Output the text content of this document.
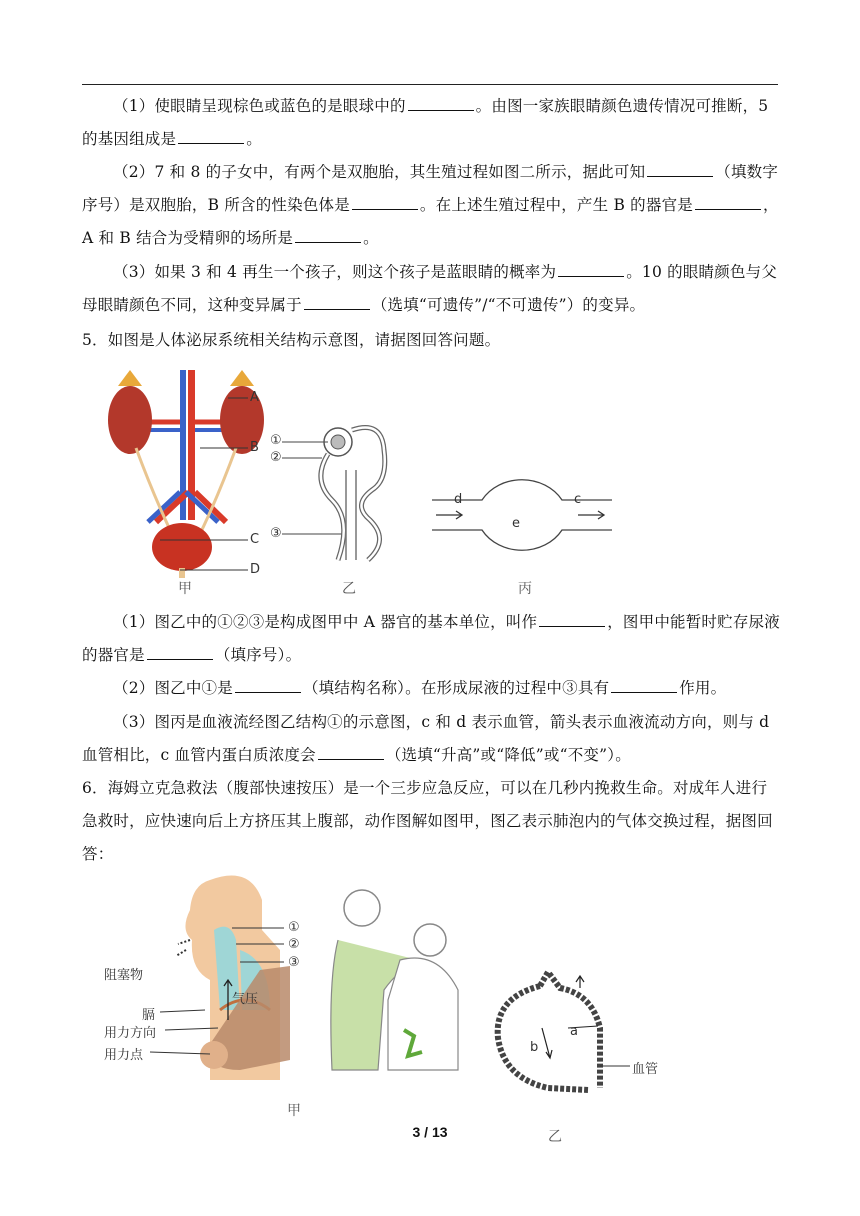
（1）使眼睛呈现棕色或蓝色的是眼球中的	。由图一家族眼睛颜色遗传情况可推断，5 的基因组成是	。
（2）7 和 8 的子女中，有两个是双胞胎，其生殖过程如图二所示，据此可知	（填数字序号）是双胞胎，B 所含的性染色体是	。在上述生殖过程中，产生 B 的器官是	，A 和 B 结合为受精卵的场所是	。
（3）如果 3 和 4 再生一个孩子，则这个孩子是蓝眼睛的概率为	。10 的眼睛颜色与父母眼睛颜色不同，这种变异属于	（选填“可遗传”/“不可遗传”）的变异。
5．如图是人体泌尿系统相关结构示意图，请据图回答问题。
A
B
C
D
甲
①
②
③
乙
d	c
e
丙
（1）图乙中的①②③是构成图甲中 A 器官的基本单位，叫作	，图甲中能暂时贮存尿液的器官是	（填序号）。
（2）图乙中①是	（填结构名称）。在形成尿液的过程中③具有	作用。
（3）图丙是血液流经图乙结构①的示意图，c 和 d 表示血管，箭头表示血液流动方向，则与 d 血管相比，c 血管内蛋白质浓度会	（选填“升高”或“降低”或“不变”）。
6．海姆立克急救法（腹部快速按压）是一个三步应急反应，可以在几秒内挽救生命。对成年人进行急救时，应快速向后上方挤压其上腹部，动作图解如图甲，图乙表示肺泡内的气体交换过程，据图回答：
①
②
③
阻塞物
气压
膈
用力方向
用力点
甲
a
b
血管
乙
3 / 13
